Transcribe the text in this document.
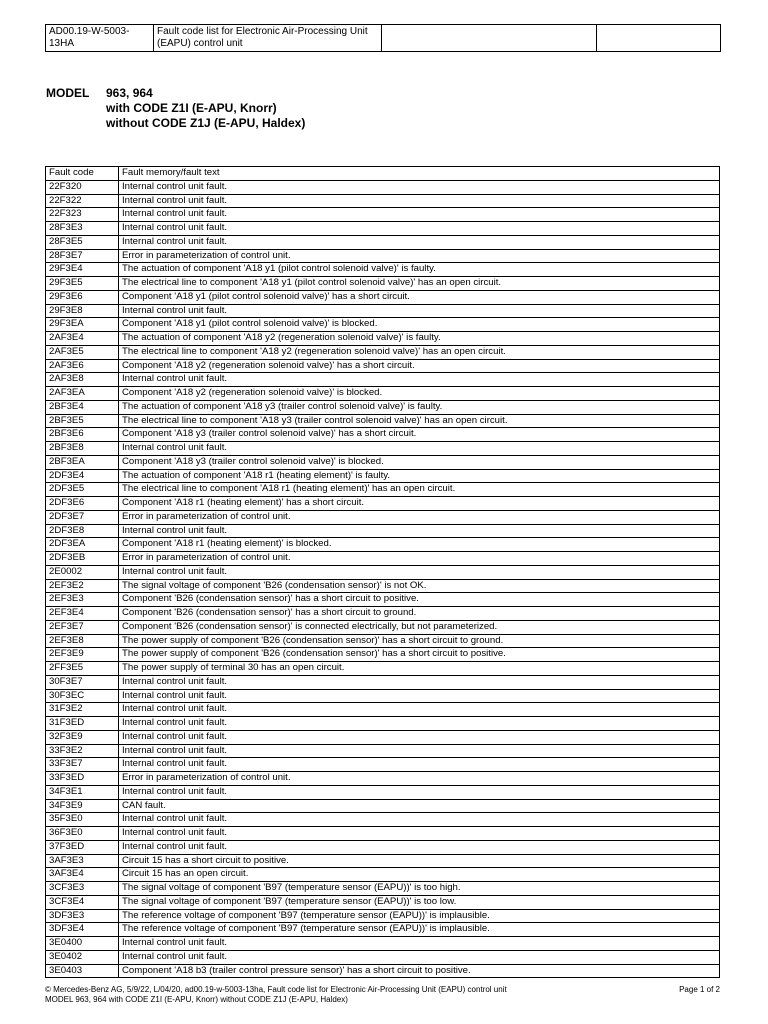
AD00.19-W-5003-13HA	Fault code list for Electronic Air-Processing Unit (EAPU) control unit		
MODEL 963, 964
with CODE Z1I (E-APU, Knorr)
without CODE Z1J (E-APU, Haldex)
Fault code	Fault memory/fault text
22F320	Internal control unit fault.
22F322	Internal control unit fault.
22F323	Internal control unit fault.
28F3E3	Internal control unit fault.
28F3E5	Internal control unit fault.
28F3E7	Error in parameterization of control unit.
29F3E4	The actuation of component 'A18 y1 (pilot control solenoid valve)' is faulty.
29F3E5	The electrical line to component 'A18 y1 (pilot control solenoid valve)' has an open circuit.
29F3E6	Component 'A18 y1 (pilot control solenoid valve)' has a short circuit.
29F3E8	Internal control unit fault.
29F3EA	Component 'A18 y1 (pilot control solenoid valve)' is blocked.
2AF3E4	The actuation of component 'A18 y2 (regeneration solenoid valve)' is faulty.
2AF3E5	The electrical line to component 'A18 y2 (regeneration solenoid valve)' has an open circuit.
2AF3E6	Component 'A18 y2 (regeneration solenoid valve)' has a short circuit.
2AF3E8	Internal control unit fault.
2AF3EA	Component 'A18 y2 (regeneration solenoid valve)' is blocked.
2BF3E4	The actuation of component 'A18 y3 (trailer control solenoid valve)' is faulty.
2BF3E5	The electrical line to component 'A18 y3 (trailer control solenoid valve)' has an open circuit.
2BF3E6	Component 'A18 y3 (trailer control solenoid valve)' has a short circuit.
2BF3E8	Internal control unit fault.
2BF3EA	Component 'A18 y3 (trailer control solenoid valve)' is blocked.
2DF3E4	The actuation of component 'A18 r1 (heating element)' is faulty.
2DF3E5	The electrical line to component 'A18 r1 (heating element)' has an open circuit.
2DF3E6	Component 'A18 r1 (heating element)' has a short circuit.
2DF3E7	Error in parameterization of control unit.
2DF3E8	Internal control unit fault.
2DF3EA	Component 'A18 r1 (heating element)' is blocked.
2DF3EB	Error in parameterization of control unit.
2E0002	Internal control unit fault.
2EF3E2	The signal voltage of component 'B26 (condensation sensor)' is not OK.
2EF3E3	Component 'B26 (condensation sensor)' has a short circuit to positive.
2EF3E4	Component 'B26 (condensation sensor)' has a short circuit to ground.
2EF3E7	Component 'B26 (condensation sensor)' is connected electrically, but not parameterized.
2EF3E8	The power supply of component 'B26 (condensation sensor)' has a short circuit to ground.
2EF3E9	The power supply of component 'B26 (condensation sensor)' has a short circuit to positive.
2FF3E5	The power supply of terminal 30 has an open circuit.
30F3E7	Internal control unit fault.
30F3EC	Internal control unit fault.
31F3E2	Internal control unit fault.
31F3ED	Internal control unit fault.
32F3E9	Internal control unit fault.
33F3E2	Internal control unit fault.
33F3E7	Internal control unit fault.
33F3ED	Error in parameterization of control unit.
34F3E1	Internal control unit fault.
34F3E9	CAN fault.
35F3E0	Internal control unit fault.
36F3E0	Internal control unit fault.
37F3ED	Internal control unit fault.
3AF3E3	Circuit 15 has a short circuit to positive.
3AF3E4	Circuit 15 has an open circuit.
3CF3E3	The signal voltage of component 'B97 (temperature sensor (EAPU))' is too high.
3CF3E4	The signal voltage of component 'B97 (temperature sensor (EAPU))' is too low.
3DF3E3	The reference voltage of component 'B97 (temperature sensor (EAPU))' is implausible.
3DF3E4	The reference voltage of component 'B97 (temperature sensor (EAPU))' is implausible.
3E0400	Internal control unit fault.
3E0402	Internal control unit fault.
3E0403	Component 'A18 b3 (trailer control pressure sensor)' has a short circuit to positive.
© Mercedes-Benz AG, 5/9/22, L/04/20, ad00.19-w-5003-13ha, Fault code list for Electronic Air-Processing Unit (EAPU) control unit
MODEL 963, 964 with CODE Z1I (E-APU, Knorr) without CODE Z1J (E-APU, Haldex)
Page 1 of 2
